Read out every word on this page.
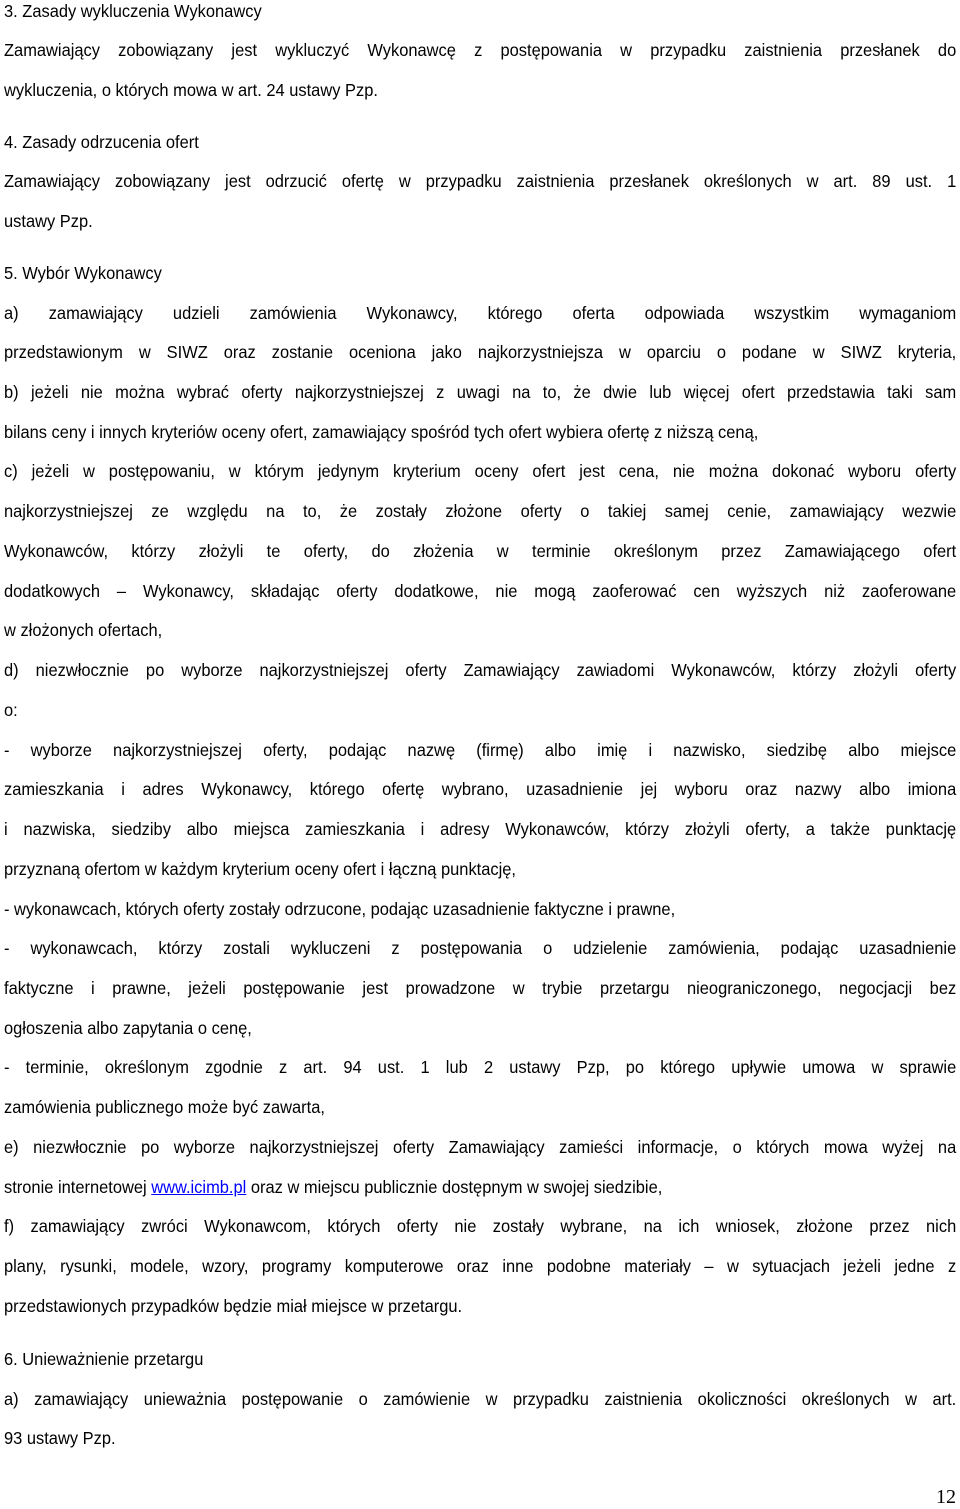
3. Zasady wykluczenia Wykonawcy
Zamawiający zobowiązany jest wykluczyć Wykonawcę z postępowania w przypadku zaistnienia przesłanek do
wykluczenia, o których mowa w art. 24 ustawy Pzp.
4. Zasady odrzucenia ofert
Zamawiający zobowiązany jest odrzucić ofertę w przypadku zaistnienia przesłanek określonych w art. 89 ust. 1
ustawy Pzp.
5. Wybór Wykonawcy
a) zamawiający udzieli zamówienia Wykonawcy, którego oferta odpowiada wszystkim wymaganiom
przedstawionym w SIWZ oraz zostanie oceniona jako najkorzystniejsza w oparciu o podane w SIWZ kryteria,
b) jeżeli nie można wybrać oferty najkorzystniejszej z uwagi na to, że dwie lub więcej ofert przedstawia taki sam
bilans ceny i innych kryteriów oceny ofert, zamawiający spośród tych ofert wybiera ofertę z niższą ceną,
c) jeżeli w postępowaniu, w którym jedynym kryterium oceny ofert jest cena, nie można dokonać wyboru oferty
najkorzystniejszej ze względu na to, że zostały złożone oferty o takiej samej cenie, zamawiający wezwie
Wykonawców, którzy złożyli te oferty, do złożenia w terminie określonym przez Zamawiającego ofert
dodatkowych – Wykonawcy, składając oferty dodatkowe, nie mogą zaoferować cen wyższych niż zaoferowane
w złożonych ofertach,
d) niezwłocznie po wyborze najkorzystniejszej oferty Zamawiający zawiadomi Wykonawców, którzy złożyli oferty
o:
- wyborze najkorzystniejszej oferty, podając nazwę (firmę) albo imię i nazwisko, siedzibę albo miejsce
zamieszkania i adres Wykonawcy, którego ofertę wybrano, uzasadnienie jej wyboru oraz nazwy albo imiona
i nazwiska, siedziby albo miejsca zamieszkania i adresy Wykonawców, którzy złożyli oferty, a także punktację
przyznaną ofertom w każdym kryterium oceny ofert i łączną punktację,
- wykonawcach, których oferty zostały odrzucone, podając uzasadnienie faktyczne i prawne,
- wykonawcach, którzy zostali wykluczeni z postępowania o udzielenie zamówienia, podając uzasadnienie
faktyczne i prawne, jeżeli postępowanie jest prowadzone w trybie przetargu nieograniczonego, negocjacji bez
ogłoszenia albo zapytania o cenę,
- terminie, określonym zgodnie z art. 94 ust. 1 lub 2 ustawy Pzp, po którego upływie umowa w sprawie
zamówienia publicznego może być zawarta,
e) niezwłocznie po wyborze najkorzystniejszej oferty Zamawiający zamieści informacje, o których mowa wyżej na
stronie internetowej www.icimb.pl oraz w miejscu publicznie dostępnym w swojej siedzibie,
f) zamawiający zwróci Wykonawcom, których oferty nie zostały wybrane, na ich wniosek, złożone przez nich
plany, rysunki, modele, wzory, programy komputerowe oraz inne podobne materiały – w sytuacjach jeżeli jedne z
przedstawionych przypadków będzie miał miejsce w przetargu.
6. Unieważnienie przetargu
a) zamawiający unieważnia postępowanie o zamówienie w przypadku zaistnienia okoliczności określonych w art.
93 ustawy Pzp.
12
